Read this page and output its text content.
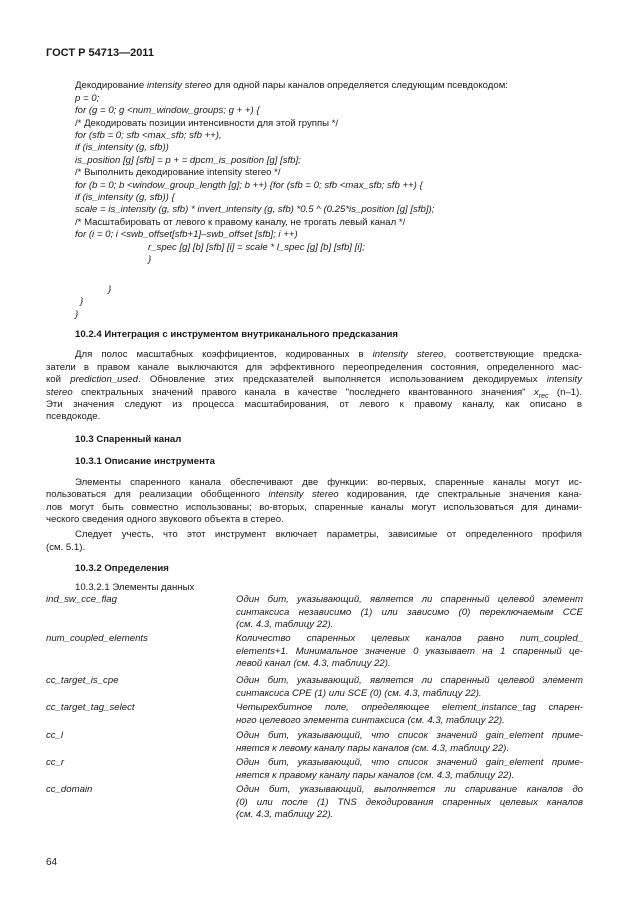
ГОСТ Р 54713—2011
Декодирование intensity stereo для одной пары каналов определяется следующим псевдокодом:
p = 0;
for (g = 0; g <num_window_groups; g + +) {
/* Декодировать позиции интенсивности для этой группы */
for (sfb = 0; sfb <max_sfb; sfb ++),
if (is_intensity (g, sfb))
is_position [g] [sfb] = p + = dpcm_is_position [g] [sfb];
/* Выполнить декодирование intensity stereo */
for (b = 0; b <window_group_length [g]; b ++) {for (sfb = 0; sfb <max_sfb; sfb ++) {
if (is_intensity (g, sfb)) {
scale = is_intensity (g, sfb) * invert_intensity (g, sfb) *0.5 ^ (0.25*is_position [g] [sfb]);
/* Масштабировать от левого к правому каналу, не трогать левый канал */
for (i = 0; i <swb_offset[sfb+1]–swb_offset [sfb]; i ++)
r_spec [g] [b] [sfb] [i] = scale * l_spec [g] [b] [sfb] [i];
}
}
}
}
10.2.4 Интеграция с инструментом внутриканального предсказания
Для полос масштабных коэффициентов, кодированных в intensity stereo, соответствующие предска-
затели в правом канале выключаются для эффективного переопределения состояния, определенного мас-
кой prediction_used. Обновление этих предсказателей выполняется использованием декодируемых intensity
stereo спектральных значений правого канала в качестве "последнего квантованного значения" $x_{rec}$ (n–1).
Эти значения следуют из процесса масштабирования, от левого к правому каналу, как описано в
псевдокоде.
10.3 Спаренный канал
10.3.1 Описание инструмента
Элементы спаренного канала обеспечивают две функции: во-первых, спаренные каналы могут ис-
пользоваться для реализации обобщенного intensity stereo кодирования, где спектральные значения кана-
лов могут быть совместно использованы; во-вторых, спаренные каналы могут использоваться для динами-
ческого сведения одного звукового объекта в стерео.
Следует учесть, что этот инструмент включает параметры, зависимые от определенного профиля
(см. 5.1).
10.3.2 Определения
10.3.2.1 Элементы данных
ind_sw_cce_flag	Один бит, указывающий, является ли спаренный целевой элемент
синтаксиса независимо (1) или зависимо (0) переключаемым CCE
(см. 4.3, таблицу 22).
num_coupled_elements	Количество спаренных целевых каналов равно num_coupled_
elements+1. Минимальное значение 0 указывает на 1 спаренный це-
левой канал (см. 4.3, таблицу 22).
cc_target_is_cpe	Один бит, указывающий, является ли спаренный целевой элемент
синтаксиса CPE (1) или SCE (0) (см. 4.3, таблицу 22).
cc_target_tag_select	Четырехбитное поле, определяющее element_instance_tag спарен-
ного целевого элемента синтаксиса (см. 4.3, таблицу 22).
cc_l	Один бит, указывающий, что список значений gain_element приме-
няется к левому каналу пары каналов (см. 4.3, таблицу 22).
cc_r	Один бит, указывающий, что список значений gain_element приме-
няется к правому каналу пары каналов (см. 4.3, таблицу 22).
cc_domain	Один бит, указывающий, выполняется ли спаривание каналов до
(0) или после (1) TNS декодирования спаренных целевых каналов
(см. 4.3, таблицу 22).
64
